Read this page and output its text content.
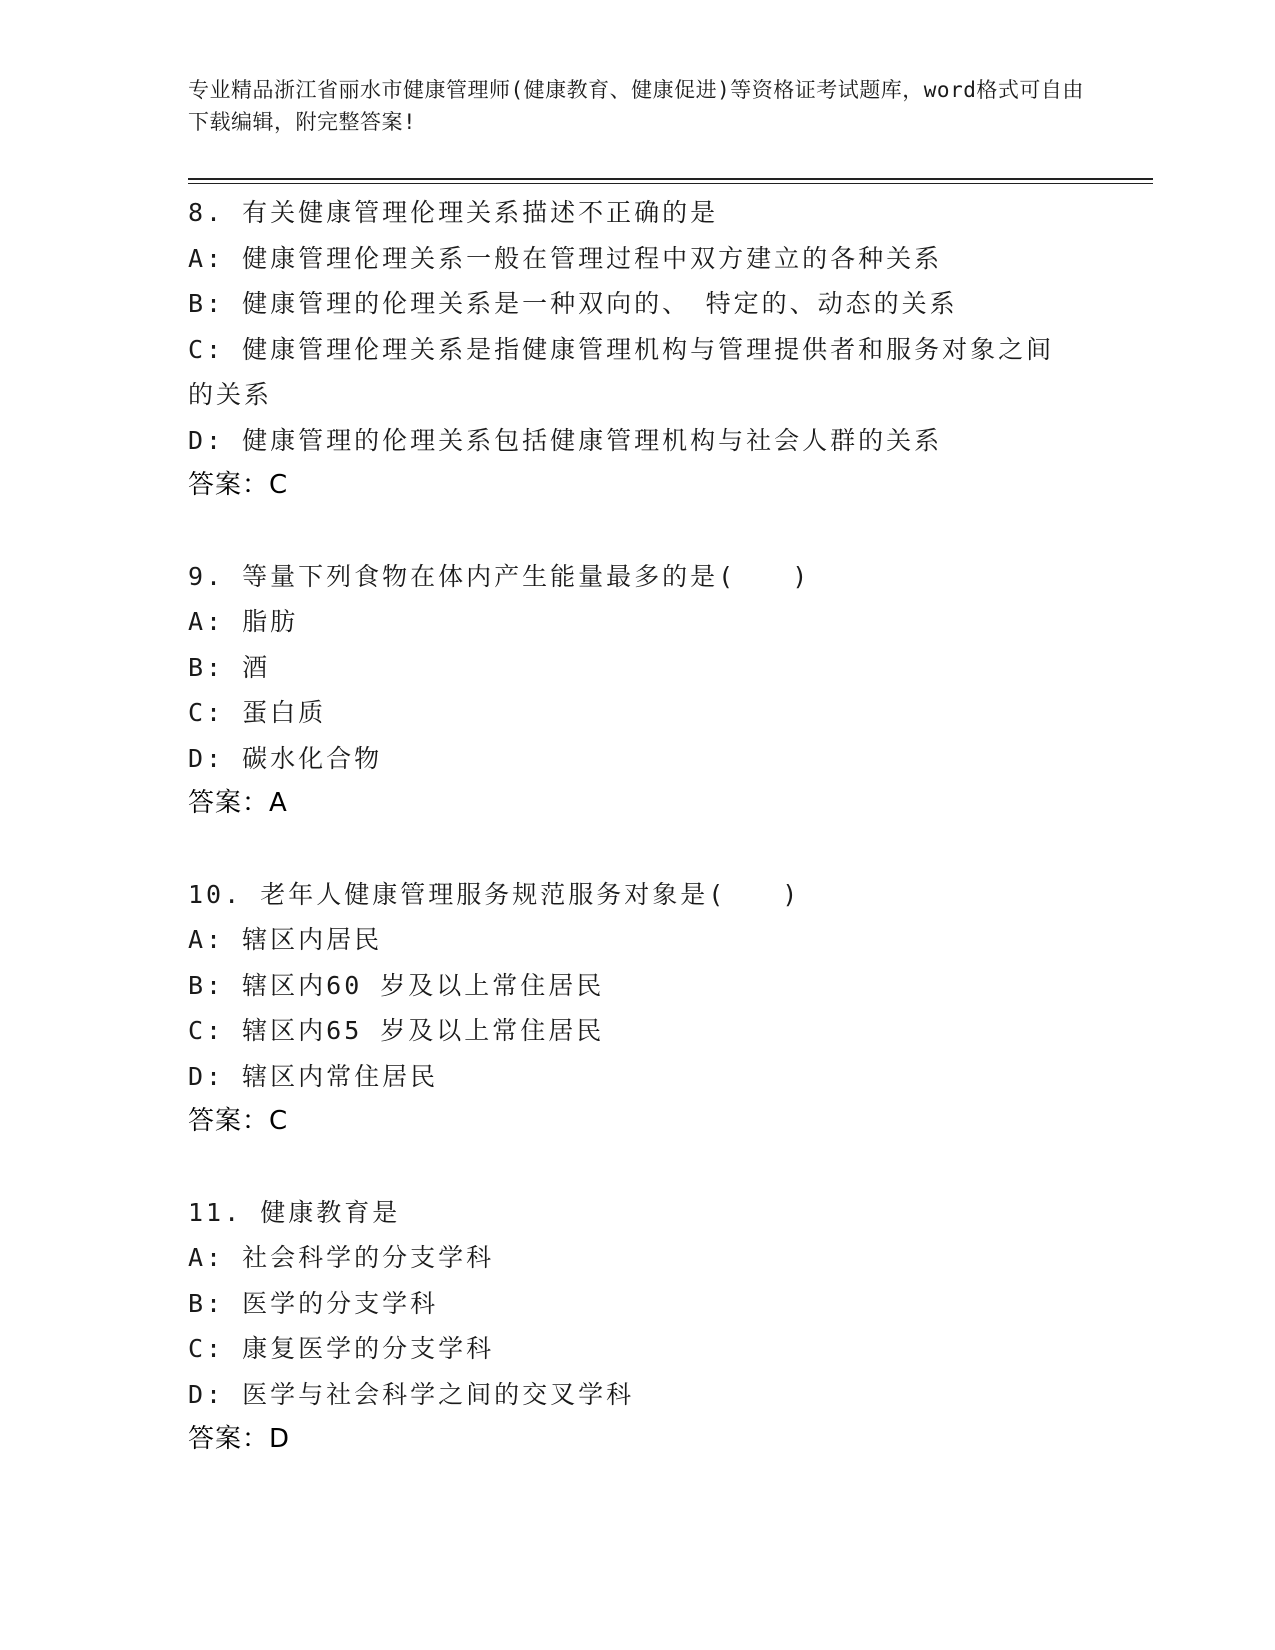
专业精品浙江省丽水市健康管理师(健康教育、健康促进)等资格证考试题库，word格式可自由下载编辑，附完整答案!
8. 有关健康管理伦理关系描述不正确的是
A: 健康管理伦理关系一般在管理过程中双方建立的各种关系
B: 健康管理的伦理关系是一种双向的、　特定的、动态的关系
C: 健康管理伦理关系是指健康管理机构与管理提供者和服务对象之间的关系
D: 健康管理的伦理关系包括健康管理机构与社会人群的关系
答案：C
9. 等量下列食物在体内产生能量最多的是(　　)
A: 脂肪
B: 酒
C: 蛋白质
D: 碳水化合物
答案：A
10. 老年人健康管理服务规范服务对象是(　　)
A: 辖区内居民
B: 辖区内60 岁及以上常住居民
C: 辖区内65 岁及以上常住居民
D: 辖区内常住居民
答案：C
11. 健康教育是
A: 社会科学的分支学科
B: 医学的分支学科
C: 康复医学的分支学科
D: 医学与社会科学之间的交叉学科
答案：D
